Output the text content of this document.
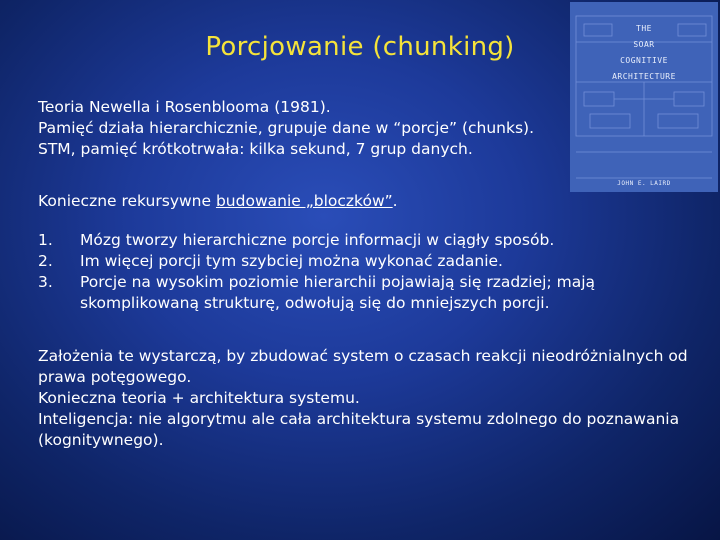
Porcjowanie (chunking)
THE
SOAR
COGNITIVE
ARCHITECTURE
JOHN E. LAIRD
Teoria Newella i Rosenblooma (1981).
Pamięć działa hierarchicznie, grupuje dane w “porcje” (chunks).
STM, pamięć krótkotrwała: kilka sekund, 7 grup danych.
Konieczne rekursywne budowanie „bloczków”.
1. Mózg tworzy hierarchiczne porcje informacji w ciągły sposób.
2. Im więcej porcji tym szybciej można wykonać zadanie.
3. Porcje na wysokim poziomie hierarchii pojawiają się rzadziej; mają skomplikowaną strukturę, odwołują się do mniejszych porcji.
Założenia te wystarczą, by zbudować system o czasach reakcji nieodróżnialnych od prawa potęgowego.
Konieczna teoria + architektura systemu.
Inteligencja: nie algorytmu ale cała architektura systemu zdolnego do poznawania (kognitywnego).
